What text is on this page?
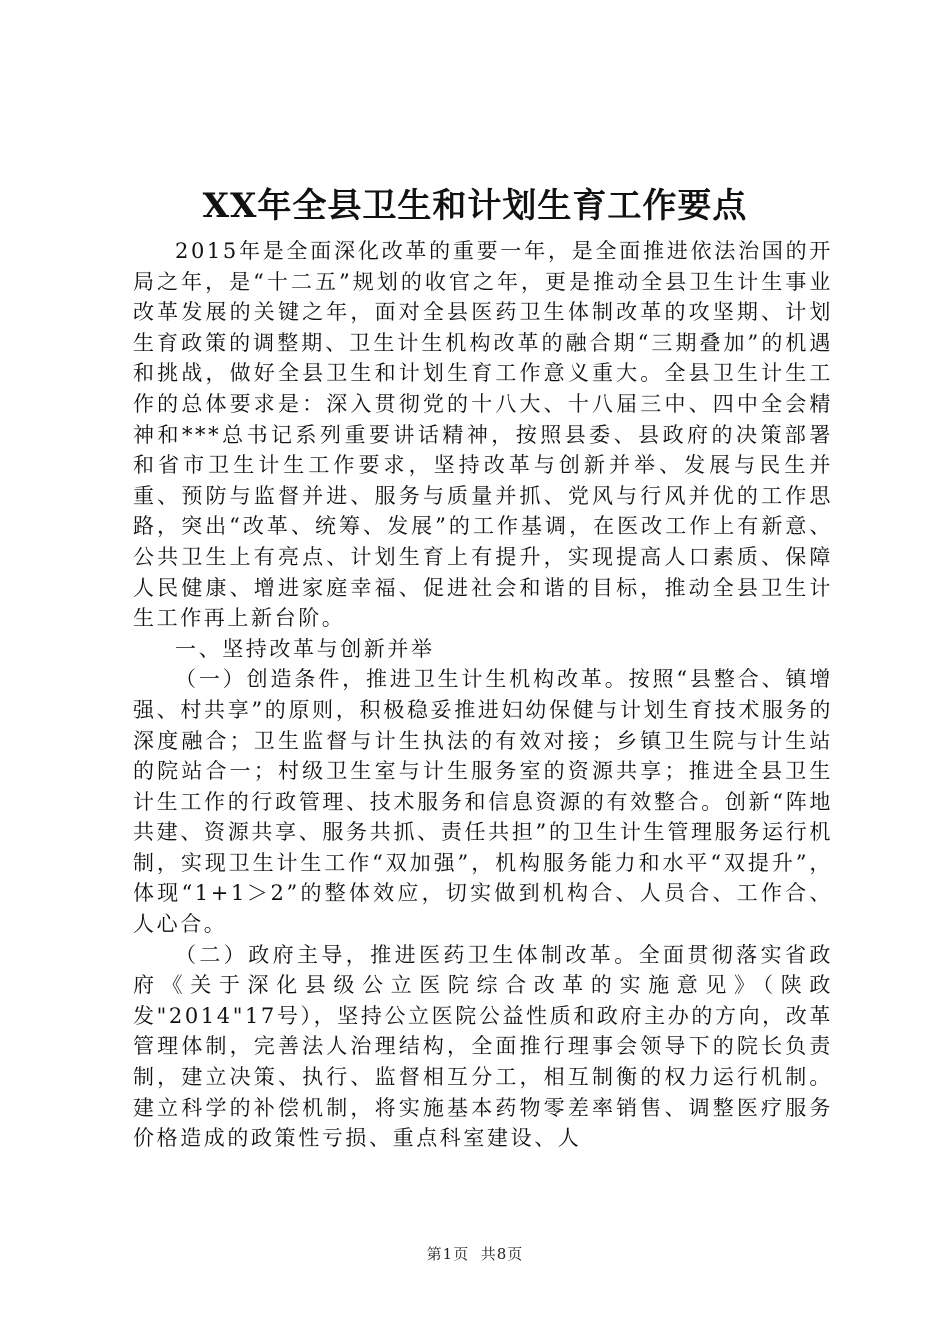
XX年全县卫生和计划生育工作要点

2015年是全面深化改革的重要一年，是全面推进依法治国的开局之年，是“十二五”规划的收官之年，更是推动全县卫生计生事业改革发展的关键之年，面对全县医药卫生体制改革的攻坚期、计划生育政策的调整期、卫生计生机构改革的融合期“三期叠加”的机遇和挑战，做好全县卫生和计划生育工作意义重大。全县卫生计生工作的总体要求是：深入贯彻党的十八大、十八届三中、四中全会精神和***总书记系列重要讲话精神，按照县委、县政府的决策部署和省市卫生计生工作要求，坚持改革与创新并举、发展与民生并重、预防与监督并进、服务与质量并抓、党风与行风并优的工作思路，突出“改革、统筹、发展”的工作基调，在医改工作上有新意、公共卫生上有亮点、计划生育上有提升，实现提高人口素质、保障人民健康、增进家庭幸福、促进社会和谐的目标，推动全县卫生计生工作再上新台阶。

一、坚持改革与创新并举

（一）创造条件，推进卫生计生机构改革。按照“县整合、镇增强、村共享”的原则，积极稳妥推进妇幼保健与计划生育技术服务的深度融合；卫生监督与计生执法的有效对接；乡镇卫生院与计生站的院站合一；村级卫生室与计生服务室的资源共享；推进全县卫生计生工作的行政管理、技术服务和信息资源的有效整合。创新“阵地共建、资源共享、服务共抓、责任共担”的卫生计生管理服务运行机制，实现卫生计生工作“双加强”，机构服务能力和水平“双提升”，体现“1+1＞2”的整体效应，切实做到机构合、人员合、工作合、人心合。

（二）政府主导，推进医药卫生体制改革。全面贯彻落实省政府《关于深化县级公立医院综合改革的实施意见》（陕政发"2014"17号），坚持公立医院公益性质和政府主办的方向，改革管理体制，完善法人治理结构，全面推行理事会领导下的院长负责制，建立决策、执行、监督相互分工，相互制衡的权力运行机制。建立科学的补偿机制，将实施基本药物零差率销售、调整医疗服务价格造成的政策性亏损、重点科室建设、人

第1页 共8页
